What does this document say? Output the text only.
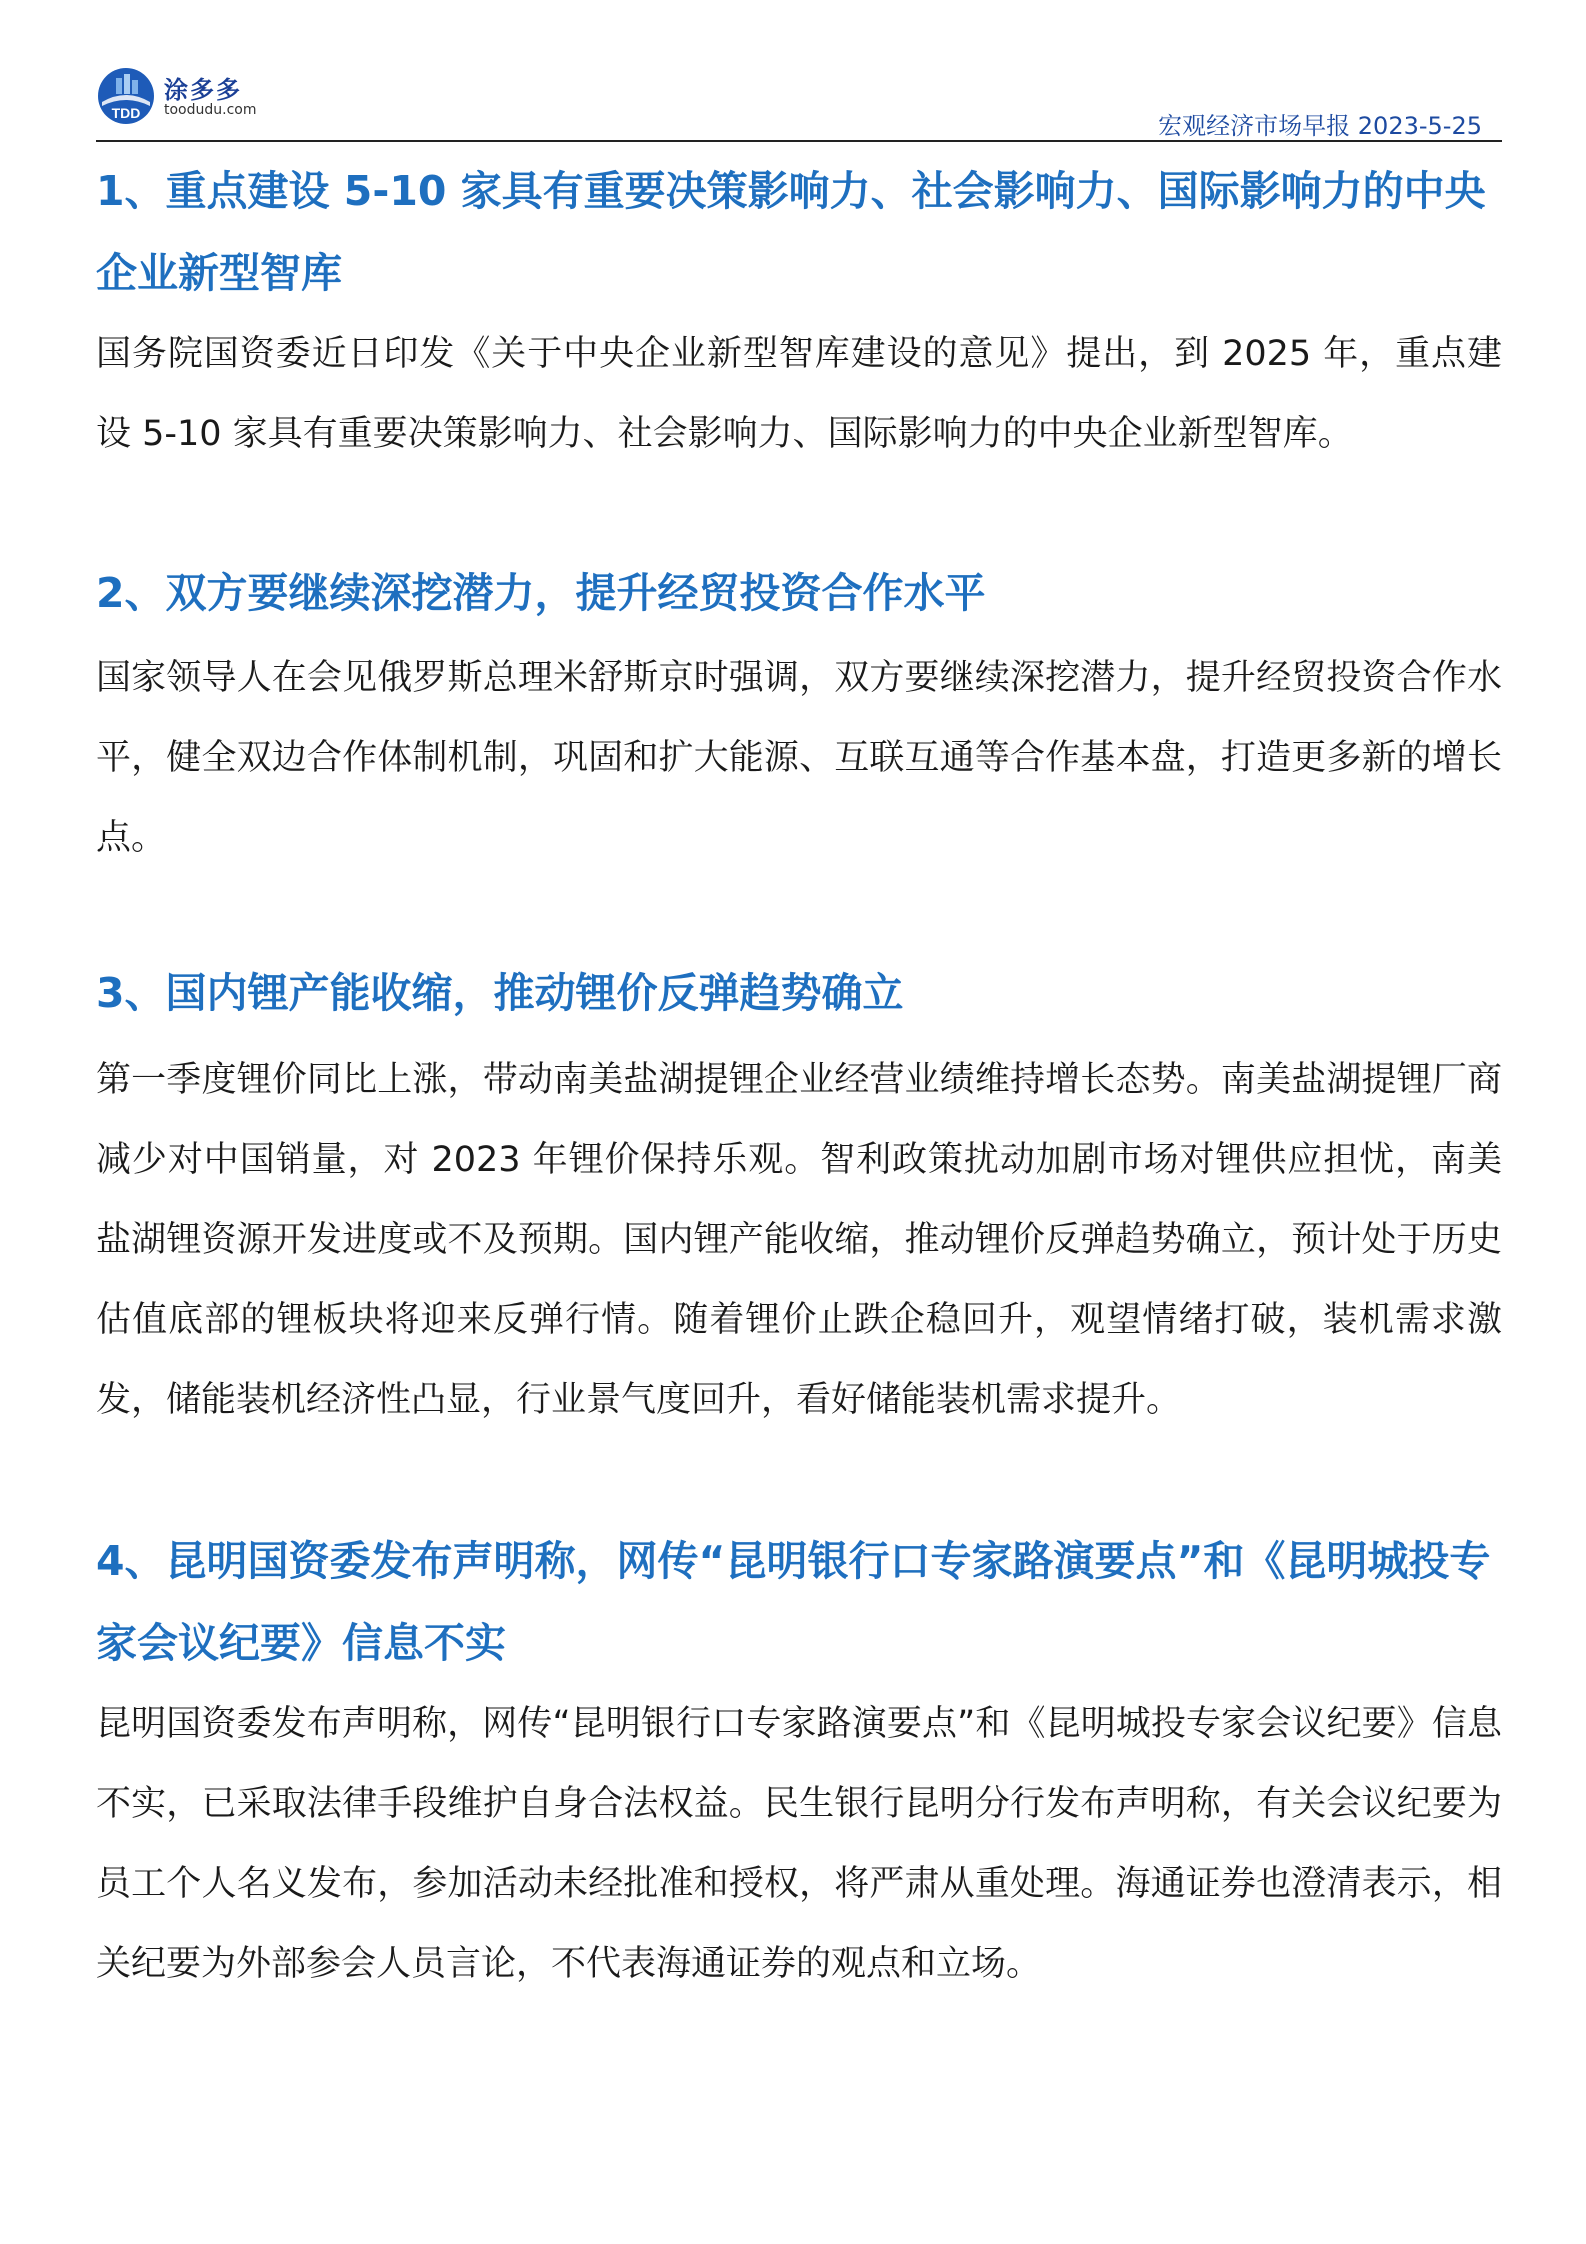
TDD
涂多多
toodudu.com
宏观经济市场早报 2023-5-25
1、重点建设 5-10 家具有重要决策影响力、社会影响力、国际影响力的中央企业新型智库

国务院国资委近日印发《关于中央企业新型智库建设的意见》提出，到 2025 年，重点建设 5-10 家具有重要决策影响力、社会影响力、国际影响力的中央企业新型智库。

2、双方要继续深挖潜力，提升经贸投资合作水平

国家领导人在会见俄罗斯总理米舒斯京时强调，双方要继续深挖潜力，提升经贸投资合作水平，健全双边合作体制机制，巩固和扩大能源、互联互通等合作基本盘，打造更多新的增长点。

3、国内锂产能收缩，推动锂价反弹趋势确立

第一季度锂价同比上涨，带动南美盐湖提锂企业经营业绩维持增长态势。南美盐湖提锂厂商减少对中国销量，对 2023 年锂价保持乐观。智利政策扰动加剧市场对锂供应担忧，南美盐湖锂资源开发进度或不及预期。国内锂产能收缩，推动锂价反弹趋势确立，预计处于历史估值底部的锂板块将迎来反弹行情。随着锂价止跌企稳回升，观望情绪打破，装机需求激发，储能装机经济性凸显，行业景气度回升，看好储能装机需求提升。

4、昆明国资委发布声明称，网传“昆明银行口专家路演要点”和《昆明城投专家会议纪要》信息不实

昆明国资委发布声明称，网传“昆明银行口专家路演要点”和《昆明城投专家会议纪要》信息不实，已采取法律手段维护自身合法权益。民生银行昆明分行发布声明称，有关会议纪要为员工个人名义发布，参加活动未经批准和授权，将严肃从重处理。海通证券也澄清表示，相关纪要为外部参会人员言论，不代表海通证券的观点和立场。
